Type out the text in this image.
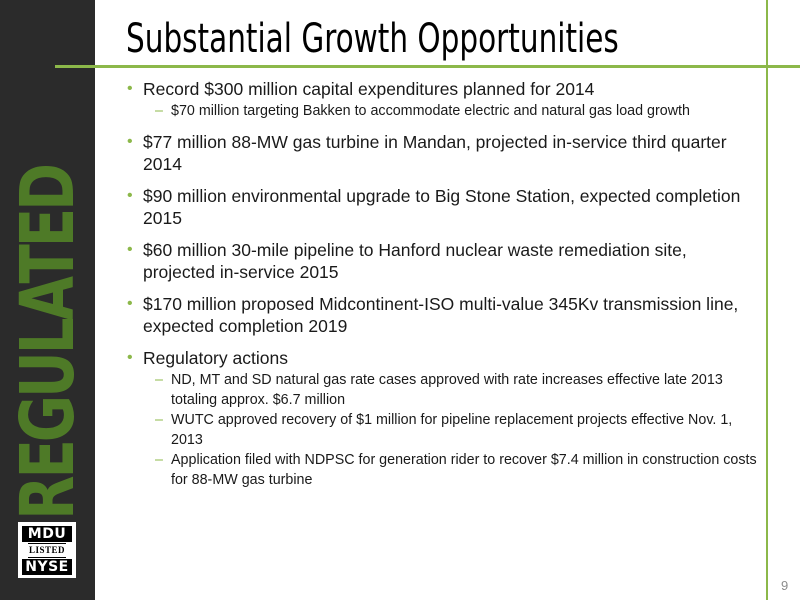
REGULATED
MDU
LISTED
NYSE
Substantial Growth Opportunities
• Record $300 million capital expenditures planned for 2014
– $70 million targeting Bakken to accommodate electric and natural gas load growth
• $77 million 88-MW gas turbine in Mandan, projected in-service third quarter 2014
• $90 million environmental upgrade to Big Stone Station, expected completion 2015
• $60 million 30-mile pipeline to Hanford nuclear waste remediation site, projected in-service 2015
• $170 million proposed Midcontinent-ISO multi-value 345Kv transmission line, expected completion 2019
• Regulatory actions
– ND, MT and SD natural gas rate cases approved with rate increases effective late 2013 totaling approx. $6.7 million
– WUTC approved recovery of $1 million for pipeline replacement projects effective Nov. 1, 2013
– Application filed with NDPSC for generation rider to recover $7.4 million in construction costs for 88-MW gas turbine
9
